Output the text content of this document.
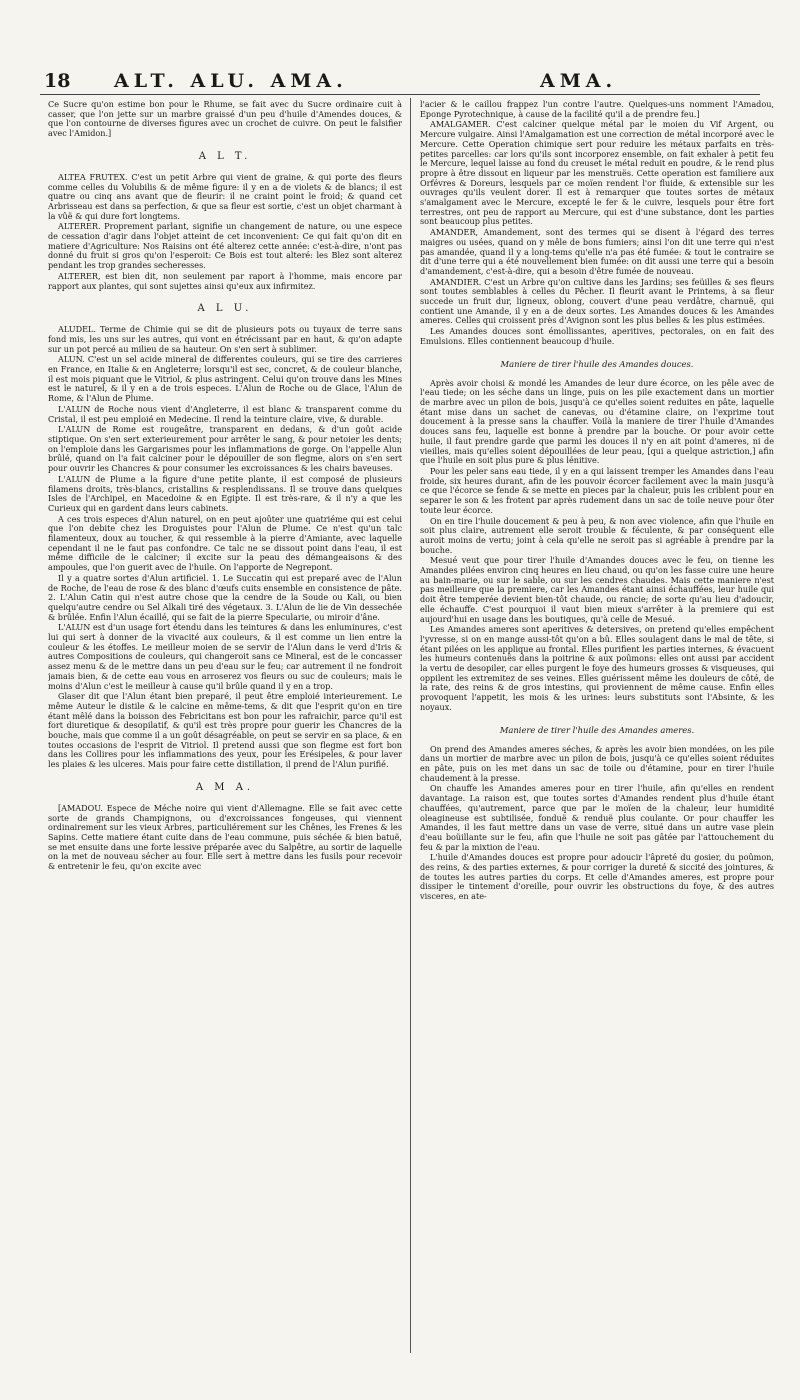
18 ALT. ALU. AMA.	AMA.

Ce Sucre qu'on estime bon pour le Rhume, se fait avec du Sucre ordinaire cuit à casser, que l'on jette sur un marbre graissé d'un peu d'huile d'Amendes douces, & que l'on contourne de diverses figures avec un crochet de cuivre. On peut le falsifier avec l'Amidon.]

A L T.

ALTEA FRUTEX. C'est un petit Arbre qui vient de graine, & qui porte des fleurs comme celles du Volubilis & de même figure: il y en a de violets & de blancs; il est quatre ou cinq ans avant que de fleurir: il ne craint point le froid; & quand cet Arbrisseau est dans sa perfection, & que sa fleur est sortie, c'est un objet charmant à la vûë & qui dure fort longtems.

ALTERER. Proprement parlant, signifie un changement de nature, ou une espece de cessation d'agir dans l'objet atteint de cet inconvenient: Ce qui fait qu'on dit en matiere d'Agriculture: Nos Raisins ont été alterez cette année: c'est-à-dire, n'ont pas donné du fruit si gros qu'on l'esperoit: Ce Bois est tout alteré: les Blez sont alterez pendant les trop grandes secheresses.

ALTERER, est bien dit, non seulement par raport à l'homme, mais encore par rapport aux plantes, qui sont sujettes ainsi qu'eux aux infirmitez.

A L U.

ALUDEL. Terme de Chimie qui se dit de plusieurs pots ou tuyaux de terre sans fond mis, les uns sur les autres, qui vont en étrécissant par en haut, & qu'on adapte sur un pot percé au milieu de sa hauteur. On s'en sert à sublimer.

ALUN. C'est un sel acide mineral de differentes couleurs, qui se tire des carrieres en France, en Italie & en Angleterre; lorsqu'il est sec, concret, & de couleur blanche, il est mois piquant que le Vitriol, & plus astringent. Celui qu'on trouve dans les Mines est le naturel, & il y en a de trois especes. L'Alun de Roche ou de Glace, l'Alun de Rome, & l'Alun de Plume.

L'ALUN de Roche nous vient d'Angleterre, il est blanc & transparent comme du Cristal, il est peu emploié en Medecine. Il rend la teinture claire, vive, & durable.

L'ALUN de Rome est rougeâtre, transparent en dedans, & d'un goût acide stiptique. On s'en sert exterieurement pour arrêter le sang, & pour netoier les dents; on l'emploie dans les Gargarismes pour les inflammations de gorge. On l'appelle Alun brûlé, quand on l'a fait calciner pour le dépouiller de son flegme, alors on s'en sert pour ouvrir les Chancres & pour consumer les excroissances & les chairs baveuses.

L'ALUN de Plume a la figure d'une petite plante, il est composé de plusieurs filamens droits, très-blancs, cristallins & resplendissans. Il se trouve dans quelques Isles de l'Archipel, en Macedoine & en Egipte. Il est très-rare, & il n'y a que les Curieux qui en gardent dans leurs cabinets.

A ces trois especes d'Alun naturel, on en peut ajoûter une quatriéme qui est celui que l'on debite chez les Droguistes pour l'Alun de Plume. Ce n'est qu'un talc filamenteux, doux au toucher, & qui ressemble à la pierre d'Amiante, avec laquelle cependant il ne le faut pas confondre. Ce talc ne se dissout point dans l'eau, il est même difficile de le calciner; il excite sur la peau des démangeaisons & des ampoules, que l'on guerit avec de l'huile. On l'apporte de Negrepont.

Il y a quatre sortes d'Alun artificiel. 1. Le Succatin qui est preparé avec de l'Alun de Roche, de l'eau de rose & des blanc d'œufs cuits ensemble en consistence de pâte. 2. L'Alun Catin qui n'est autre chose que la cendre de la Soude ou Kali, ou bien quelqu'autre cendre ou Sel Alkali tiré des végetaux. 3. L'Alun de lie de Vin dessechée & brûlée. Enfin l'Alun écaillé, qui se fait de la pierre Specularie, ou miroir d'âne.

L'ALUN est d'un usage fort étendu dans les teintures & dans les enluminures, c'est lui qui sert à donner de la vivacité aux couleurs, & il est comme un lien entre la couleur & les étoffes. Le meilleur moien de se servir de l'Alun dans le verd d'Iris & autres Compositions de couleurs, qui changeroit sans ce Mineral, est de le concasser assez menu & de le mettre dans un peu d'eau sur le feu; car autrement il ne fondroit jamais bien, & de cette eau vous en arroserez vos fleurs ou suc de couleurs; mais le moins d'Alun c'est le meilleur à cause qu'il brûle quand il y en a trop.

Glaser dit que l'Alun étant bien preparé, il peut être emploié interieurement. Le même Auteur le distile & le calcine en même-tems, & dit que l'esprit qu'on en tire étant mêlé dans la boisson des Febricitans est bon pour les rafraichir, parce qu'il est fort diuretique & desopilatif, & qu'il est très propre pour guerir les Chancres de la bouche, mais que comme il a un goût désagréable, on peut se servir en sa place, & en toutes occasions de l'esprit de Vitriol. Il pretend aussi que son flegme est fort bon dans les Collires pour les inflammations des yeux, pour les Erésipeles, & pour laver les plaies & les ulceres. Mais pour faire cette distillation, il prend de l'Alun purifié.

A M A.

[AMADOU. Espece de Méche noire qui vient d'Allemagne. Elle se fait avec cette sorte de grands Champignons, ou d'excroissances fongeuses, qui viennent ordinairement sur les vieux Arbres, particuliérement sur les Chênes, les Frenes & les Sapins. Cette matiere étant cuite dans de l'eau commune, puis séchée & bien batuë, se met ensuite dans une forte lessive préparée avec du Salpêtre, au sortir de laquelle on la met de nouveau sécher au four. Elle sert à mettre dans les fusils pour recevoir & entretenir le feu, qu'on excite avec

l'acier & le caillou frappez l'un contre l'autre. Quelques-uns nomment l'Amadou, Eponge Pyrotechnique, à cause de la facilité qu'il a de prendre feu.]

AMALGAMER. C'est calciner quelque métal par le moien du Vif Argent, ou Mercure vulgaire. Ainsi l'Amalgamation est une correction de métal incorporé avec le Mercure. Cette Operation chimique sert pour reduire les métaux parfaits en très-petites parcelles: car lors qu'ils sont incorporez ensemble, on fait exhaler à petit feu le Mercure, lequel laisse au fond du creuset le métal reduit en poudre, & le rend plus propre à être dissout en liqueur par les menstruës. Cette operation est familiere aux Orfévres & Doreurs, lesquels par ce moïen rendent l'or fluide, & extensible sur les ouvrages qu'ils veulent dorer. Il est à remarquer que toutes sortes de métaux s'amalgament avec le Mercure, excepté le fer & le cuivre, lesquels pour être fort terrestres, ont peu de rapport au Mercure, qui est d'une substance, dont les parties sont beaucoup plus petites.

AMANDER, Amandement, sont des termes qui se disent à l'égard des terres maigres ou usées, quand on y mêle de bons fumiers; ainsi l'on dit une terre qui n'est pas amandée, quand il y a long-tems qu'elle n'a pas été fumée: & tout le contraire se dit d'une terre qui a été nouvellement bien fumée: on dit aussi une terre qui a besoin d'amandement, c'est-à-dire, qui a besoin d'être fumée de nouveau.

AMANDIER. C'est un Arbre qu'on cultive dans les Jardins; ses feüilles & ses fleurs sont toutes semblables à celles du Pêcher. Il fleurit avant le Printems, à sa fleur succede un fruit dur, ligneux, oblong, couvert d'une peau verdâtre, charnuë, qui contient une Amande, il y en a de deux sortes. Les Amandes douces & les Amandes ameres. Celles qui croissent près d'Avignon sont les plus belles & les plus estimées.

Les Amandes douces sont émollissantes, aperitives, pectorales, on en fait des Emulsions. Elles contiennent beaucoup d'huile.

Maniere de tirer l'huile des Amandes douces.

Après avoir choisi & mondé les Amandes de leur dure écorce, on les pêle avec de l'eau tiede; on les séche dans un linge, puis on les pile exactement dans un mortier de marbre avec un pilon de bois, jusqu'à ce qu'elles soient reduites en pâte, laquelle étant mise dans un sachet de canevas, ou d'étamine claire, on l'exprime tout doucement à la presse sans la chauffer. Voilà la maniere de tirer l'huile d'Amandes douces sans feu, laquelle est bonne à prendre par la bouche. Or pour avoir cette huile, il faut prendre garde que parmi les douces il n'y en ait point d'ameres, ni de vieilles, mais qu'elles soient dépouillées de leur peau, [qui a quelque astriction,] afin que l'huile en soit plus pure & plus lénitive.

Pour les peler sans eau tiede, il y en a qui laissent tremper les Amandes dans l'eau froide, six heures durant, afin de les pouvoir écorcer facilement avec la main jusqu'à ce que l'écorce se fende & se mette en pieces par la chaleur, puis les criblent pour en separer le son & les frotent par après rudement dans un sac de toile neuve pour ôter toute leur écorce.

On en tire l'huile doucement & peu à peu, & non avec violence, afin que l'huile en soit plus claire, autrement elle seroit trouble & féculente, & par conséquent elle auroit moins de vertu; joint à cela qu'elle ne seroit pas si agréable à prendre par la bouche.

Mesué veut que pour tirer l'huile d'Amandes douces avec le feu, on tienne les Amandes pilées environ cinq heures en lieu chaud, ou qu'on les fasse cuire une heure au bain-marie, ou sur le sable, ou sur les cendres chaudes. Mais cette maniere n'est pas meilleure que la premiere, car les Amandes étant ainsi échauffées, leur huile qui doit être temperée devient bien-tôt chaude, ou rancie; de sorte qu'au lieu d'adoucir, elle échauffe. C'est pourquoi il vaut bien mieux s'arrêter à la premiere qui est aujourd'hui en usage dans les boutiques, qu'à celle de Mesué.

Les Amandes ameres sont aperitives & detersives, on pretend qu'elles empêchent l'yvresse, si on en mange aussi-tôt qu'on a bû. Elles soulagent dans le mal de tête, si étant pilées on les applique au frontal. Elles purifient les parties internes, & évacuent les humeurs contenuës dans la poitrine & aux poûmons: elles ont aussi par accident la vertu de desopiler, car elles purgent le foye des humeurs grosses & visqueuses, qui oppilent les extremitez de ses veines. Elles guérissent même les douleurs de côté, de la rate, des reins & de gros intestins, qui proviennent de même cause. Enfin elles provoquent l'appetit, les mois & les urines: leurs substituts sont l'Absinte, & les noyaux.

Maniere de tirer l'huile des Amandes ameres.

On prend des Amandes ameres séches, & après les avoir bien mondées, on les pile dans un mortier de marbre avec un pilon de bois, jusqu'à ce qu'elles soient réduites en pâte, puis on les met dans un sac de toile ou d'étamine, pour en tirer l'huile chaudement à la presse.

On chauffe les Amandes ameres pour en tirer l'huile, afin qu'elles en rendent davantage. La raison est, que toutes sortes d'Amandes rendent plus d'huile étant chauffées, qu'autrement, parce que par le moïen de la chaleur, leur humidité oleagineuse est subtilisée, fonduë & renduë plus coulante. Or pour chauffer les Amandes, il les faut mettre dans un vase de verre, situé dans un autre vase plein d'eau boüillante sur le feu, afin que l'huile ne soit pas gâtée par l'attouchement du feu & par la mixtion de l'eau.

L'huile d'Amandes douces est propre pour adoucir l'âpreté du gosier, du poûmon, des reins, & des parties externes, & pour corriger la dureté & siccité des jointures, & de toutes les autres parties du corps. Et celle d'Amandes ameres, est propre pour dissiper le tintement d'oreille, pour ouvrir les obstructions du foye, & des autres visceres, en ate-
